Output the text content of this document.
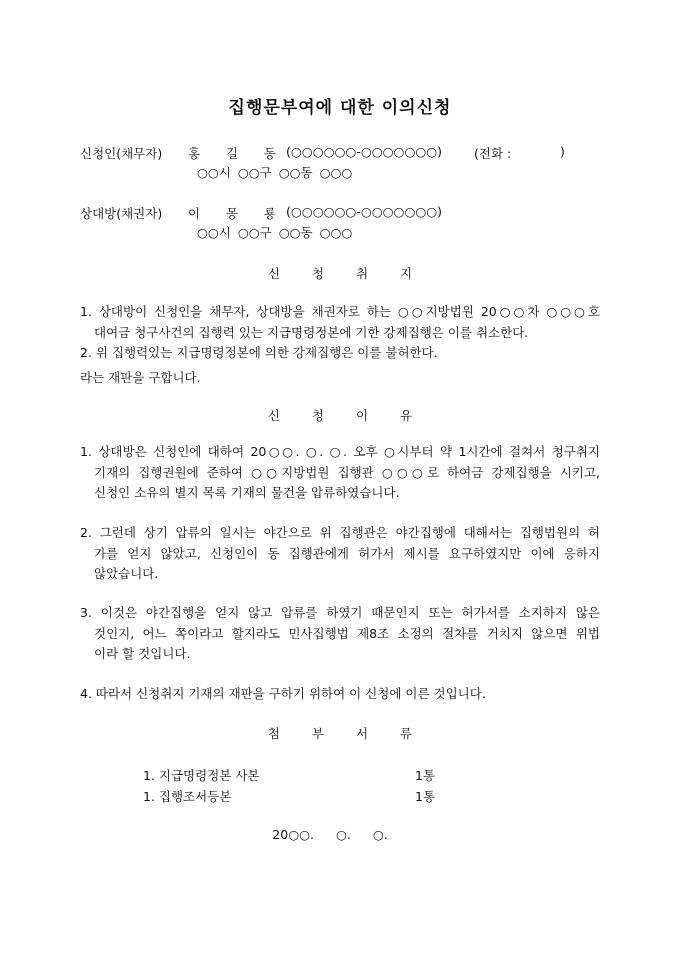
집행문부여에 대한 이의신청
신청인(채무자) 홍 길 동 (○○○○○○-○○○○○○○)	(전화 :	)
○○시 ○○구 ○○동 ○○○
상대방(채권자) 이 몽 룡 (○○○○○○-○○○○○○○)
○○시 ○○구 ○○동 ○○○
신 청 취 지
1. 상대방이 신청인을 채무자, 상대방을 채권자로 하는 ○○지방법원 20○○차 ○○○호
대여금 청구사건의 집행력 있는 지급명령정본에 기한 강제집행은 이를 취소한다.
2. 위 집행력있는 지급명령정본에 의한 강제집행은 이를 불허한다.
라는 재판을 구합니다.
신 청 이 유
1. 상대방은 신청인에 대하여 20○○. ○. ○. 오후 ○시부터 약 1시간에 걸쳐서 청구취지
기재의 집행권원에 준하여 ○○지방법원 집행관 ○○○로 하여금 강제집행을 시키고,
신청인 소유의 별지 목록 기재의 물건을 압류하였습니다.
2. 그런데 상기 압류의 일시는 야간으로 위 집행관은 야간집행에 대해서는 집행법원의 허
가를 얻지 않았고, 신청인이 동 집행관에게 허가서 제시를 요구하였지만 이에 응하지
않았습니다.
3. 이것은 야간집행을 얻지 않고 압류를 하였기 때문인지 또는 허가서를 소지하지 않은
것인지, 어느 쪽이라고 할지라도 민사집행법 제8조 소정의 절차를 거치지 않으면 위법
이라 할 것입니다.
4. 따라서 신청취지 기재의 재판을 구하기 위하여 이 신청에 이른 것입니다.
첨 부 서 류
1. 지급명령정본 사본	1통
1. 집행조서등본	1통
20○○. ○. ○.
